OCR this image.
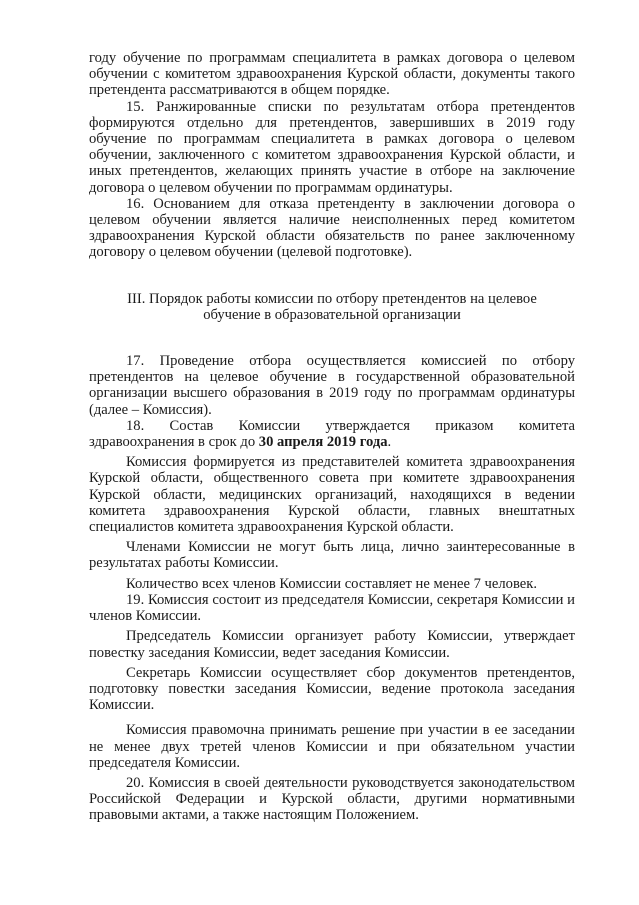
году обучение по программам специалитета в рамках договора о целевом обучении с комитетом здравоохранения Курской области, документы такого претендента рассматриваются в общем порядке.

15. Ранжированные списки по результатам отбора претендентов формируются отдельно для претендентов, завершивших в 2019 году обучение по программам специалитета в рамках договора о целевом обучении, заключенного с комитетом здравоохранения Курской области, и иных претендентов, желающих принять участие в отборе на заключение договора о целевом обучении по программам ординатуры.

16. Основанием для отказа претенденту в заключении договора о целевом обучении является наличие неисполненных перед комитетом здравоохранения Курской области обязательств по ранее заключенному договору о целевом обучении (целевой подготовке).

III. Порядок работы комиссии по отбору претендентов на целевое обучение в образовательной организации

17. Проведение отбора осуществляется комиссией по отбору претендентов на целевое обучение в государственной образовательной организации высшего образования в 2019 году по программам ординатуры (далее – Комиссия).

18. Состав Комиссии утверждается приказом комитета здравоохранения в срок до 30 апреля 2019 года.

Комиссия формируется из представителей комитета здравоохранения Курской области, общественного совета при комитете здравоохранения Курской области, медицинских организаций, находящихся в ведении комитета здравоохранения Курской области, главных внештатных специалистов комитета здравоохранения Курской области.

Членами Комиссии не могут быть лица, лично заинтересованные в результатах работы Комиссии.

Количество всех членов Комиссии составляет не менее 7 человек.

19. Комиссия состоит из председателя Комиссии, секретаря Комиссии и членов Комиссии.

Председатель Комиссии организует работу Комиссии, утверждает повестку заседания Комиссии, ведет заседания Комиссии.

Секретарь Комиссии осуществляет сбор документов претендентов, подготовку повестки заседания Комиссии, ведение протокола заседания Комиссии.

Комиссия правомочна принимать решение при участии в ее заседании не менее двух третей членов Комиссии и при обязательном участии председателя Комиссии.

20. Комиссия в своей деятельности руководствуется законодательством Российской Федерации и Курской области, другими нормативными правовыми актами, а также настоящим Положением.
